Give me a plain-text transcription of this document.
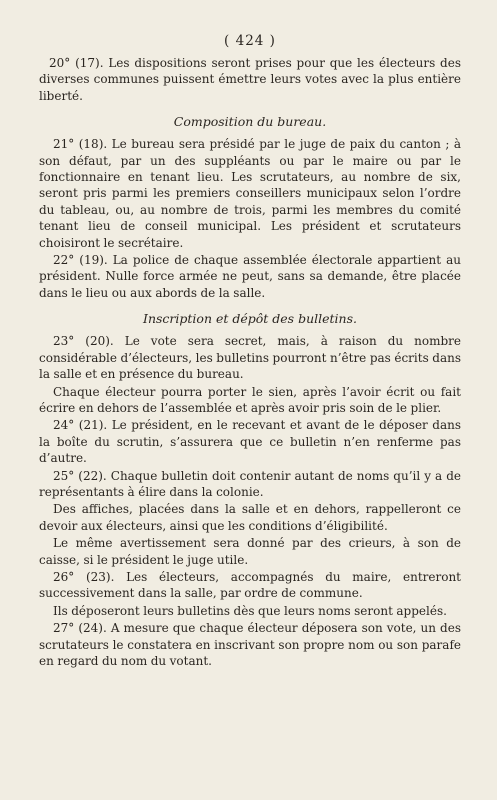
( 424 )

20° (17). Les dispositions seront prises pour que les électeurs des diverses communes puissent émettre leurs votes avec la plus entière liberté.

Composition du bureau.

21° (18). Le bureau sera présidé par le juge de paix du canton ; à son défaut, par un des suppléants ou par le maire ou par le fonctionnaire en tenant lieu. Les scrutateurs, au nombre de six, seront pris parmi les premiers conseillers municipaux selon l’ordre du tableau, ou, au nombre de trois, parmi les membres du comité tenant lieu de conseil municipal. Les président et scrutateurs choisiront le secrétaire.

22° (19). La police de chaque assemblée électorale appartient au président. Nulle force armée ne peut, sans sa demande, être placée dans le lieu ou aux abords de la salle.

Inscription et dépôt des bulletins.

23° (20). Le vote sera secret, mais, à raison du nombre considérable d’électeurs, les bulletins pourront n’être pas écrits dans la salle et en présence du bureau.

Chaque électeur pourra porter le sien, après l’avoir écrit ou fait écrire en dehors de l’assemblée et après avoir pris soin de le plier.

24° (21). Le président, en le recevant et avant de le déposer dans la boîte du scrutin, s’assurera que ce bulletin n’en renferme pas d’autre.

25° (22). Chaque bulletin doit contenir autant de noms qu’il y a de représentants à élire dans la colonie.

Des affiches, placées dans la salle et en dehors, rappelleront ce devoir aux électeurs, ainsi que les conditions d’éligibilité.

Le même avertissement sera donné par des crieurs, à son de caisse, si le président le juge utile.

26° (23). Les électeurs, accompagnés du maire, entreront successivement dans la salle, par ordre de commune.

Ils déposeront leurs bulletins dès que leurs noms seront appelés.

27° (24). A mesure que chaque électeur déposera son vote, un des scrutateurs le constatera en inscrivant son propre nom ou son parafe en regard du nom du votant.
